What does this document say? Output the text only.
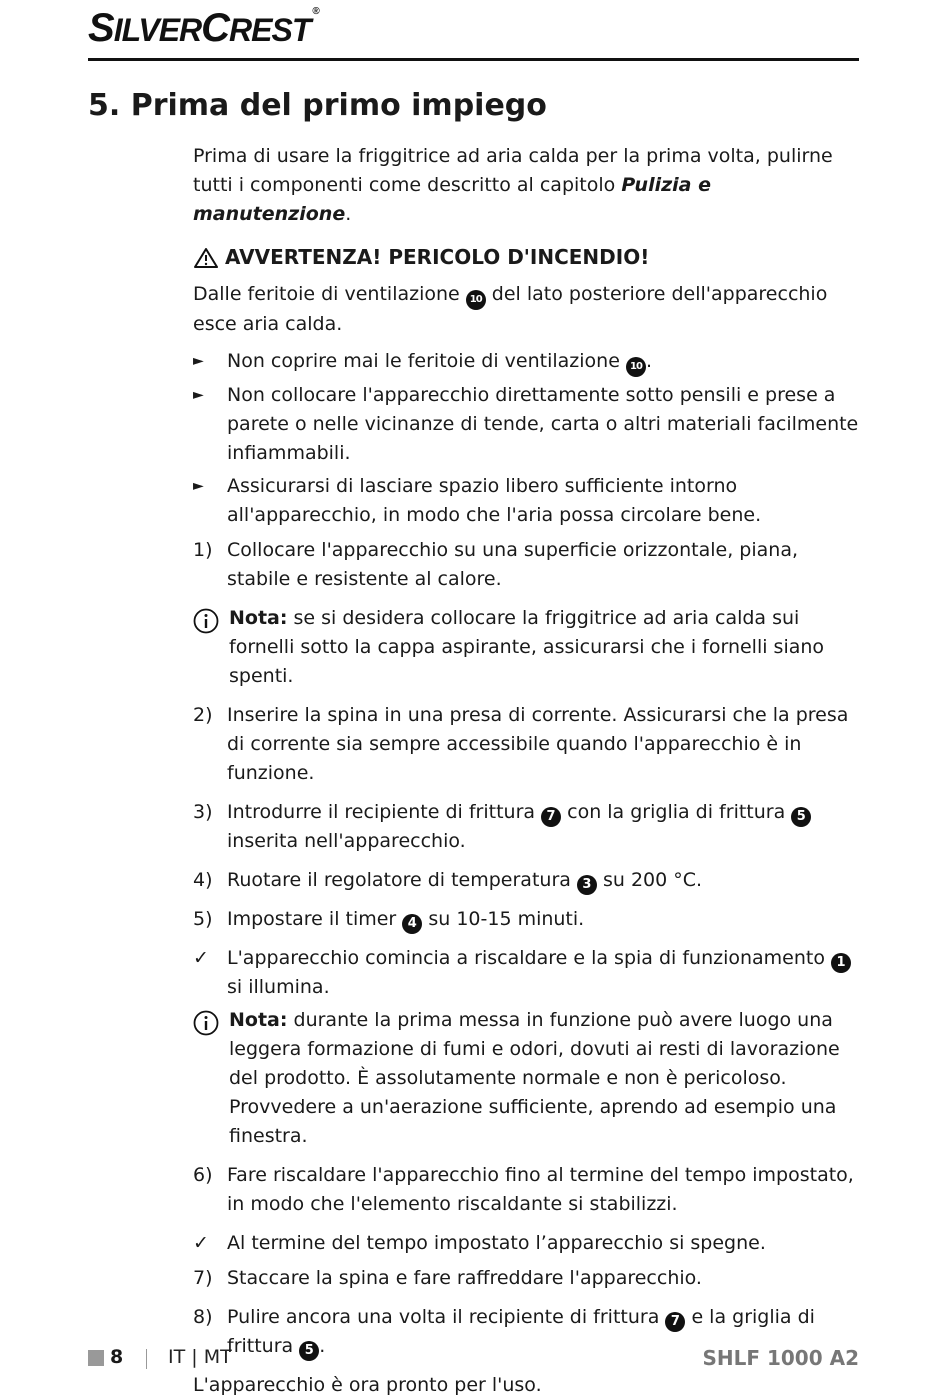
SILVERCREST®
5. Prima del primo impiego

Prima di usare la friggitrice ad aria calda per la prima volta, pulirne tutti i componenti come descritto al capitolo Pulizia e manutenzione.

AVVERTENZA! PERICOLO D'INCENDIO!

Dalle feritoie di ventilazione 10 del lato posteriore dell'apparecchio esce aria calda.

► Non coprire mai le feritoie di ventilazione 10 .
► Non collocare l'apparecchio direttamente sotto pensili e prese a parete o nelle vicinanze di tende, carta o altri materiali facilmente infiammabili.
► Assicurarsi di lasciare spazio libero sufficiente intorno all'apparecchio, in modo che l'aria possa circolare bene.
1) Collocare l'apparecchio su una superficie orizzontale, piana, stabile e resistente al calore.
Nota: se si desidera collocare la friggitrice ad aria calda sui fornelli sotto la cappa aspirante, assicurarsi che i fornelli siano spenti.
2) Inserire la spina in una presa di corrente. Assicurarsi che la presa di corrente sia sempre accessibile quando l'apparecchio è in funzione.
3) Introdurre il recipiente di frittura 7 con la griglia di frittura 5 inserita nell'apparecchio.
4) Ruotare il regolatore di temperatura 3 su 200 °C.
5) Impostare il timer 4 su 10-15 minuti.
✓ L'apparecchio comincia a riscaldare e la spia di funzionamento 1 si illumina.
Nota: durante la prima messa in funzione può avere luogo una leggera formazione di fumi e odori, dovuti ai resti di lavorazione del prodotto. È assolutamente normale e non è pericoloso. Provvedere a un'aerazione sufficiente, aprendo ad esempio una finestra.
6) Fare riscaldare l'apparecchio fino al termine del tempo impostato, in modo che l'elemento riscaldante si stabilizzi.
✓ Al termine del tempo impostato l’apparecchio si spegne.
7) Staccare la spina e fare raffreddare l'apparecchio.
8) Pulire ancora una volta il recipiente di frittura 7 e la griglia di frittura 5 .

L'apparecchio è ora pronto per l'uso.

8 IT | MT	SHLF 1000 A2
